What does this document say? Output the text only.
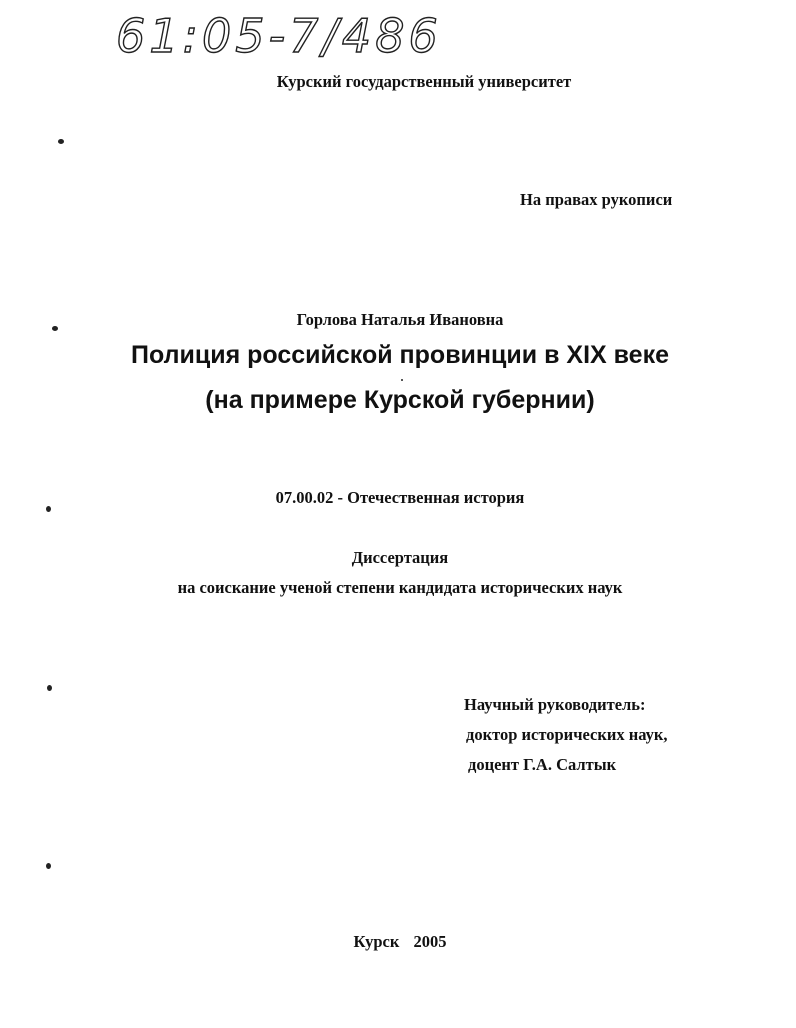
61:05-7/486
Курский государственный университет
На правах рукописи
Горлова Наталья Ивановна
Полиция российской провинции в XIX веке
(на примере Курской губернии)
07.00.02 - Отечественная история
Диссертация
на соискание ученой степени кандидата исторических наук
Научный руководитель:
доктор исторических наук,
доцент Г.А. Салтык
Курск 2005
